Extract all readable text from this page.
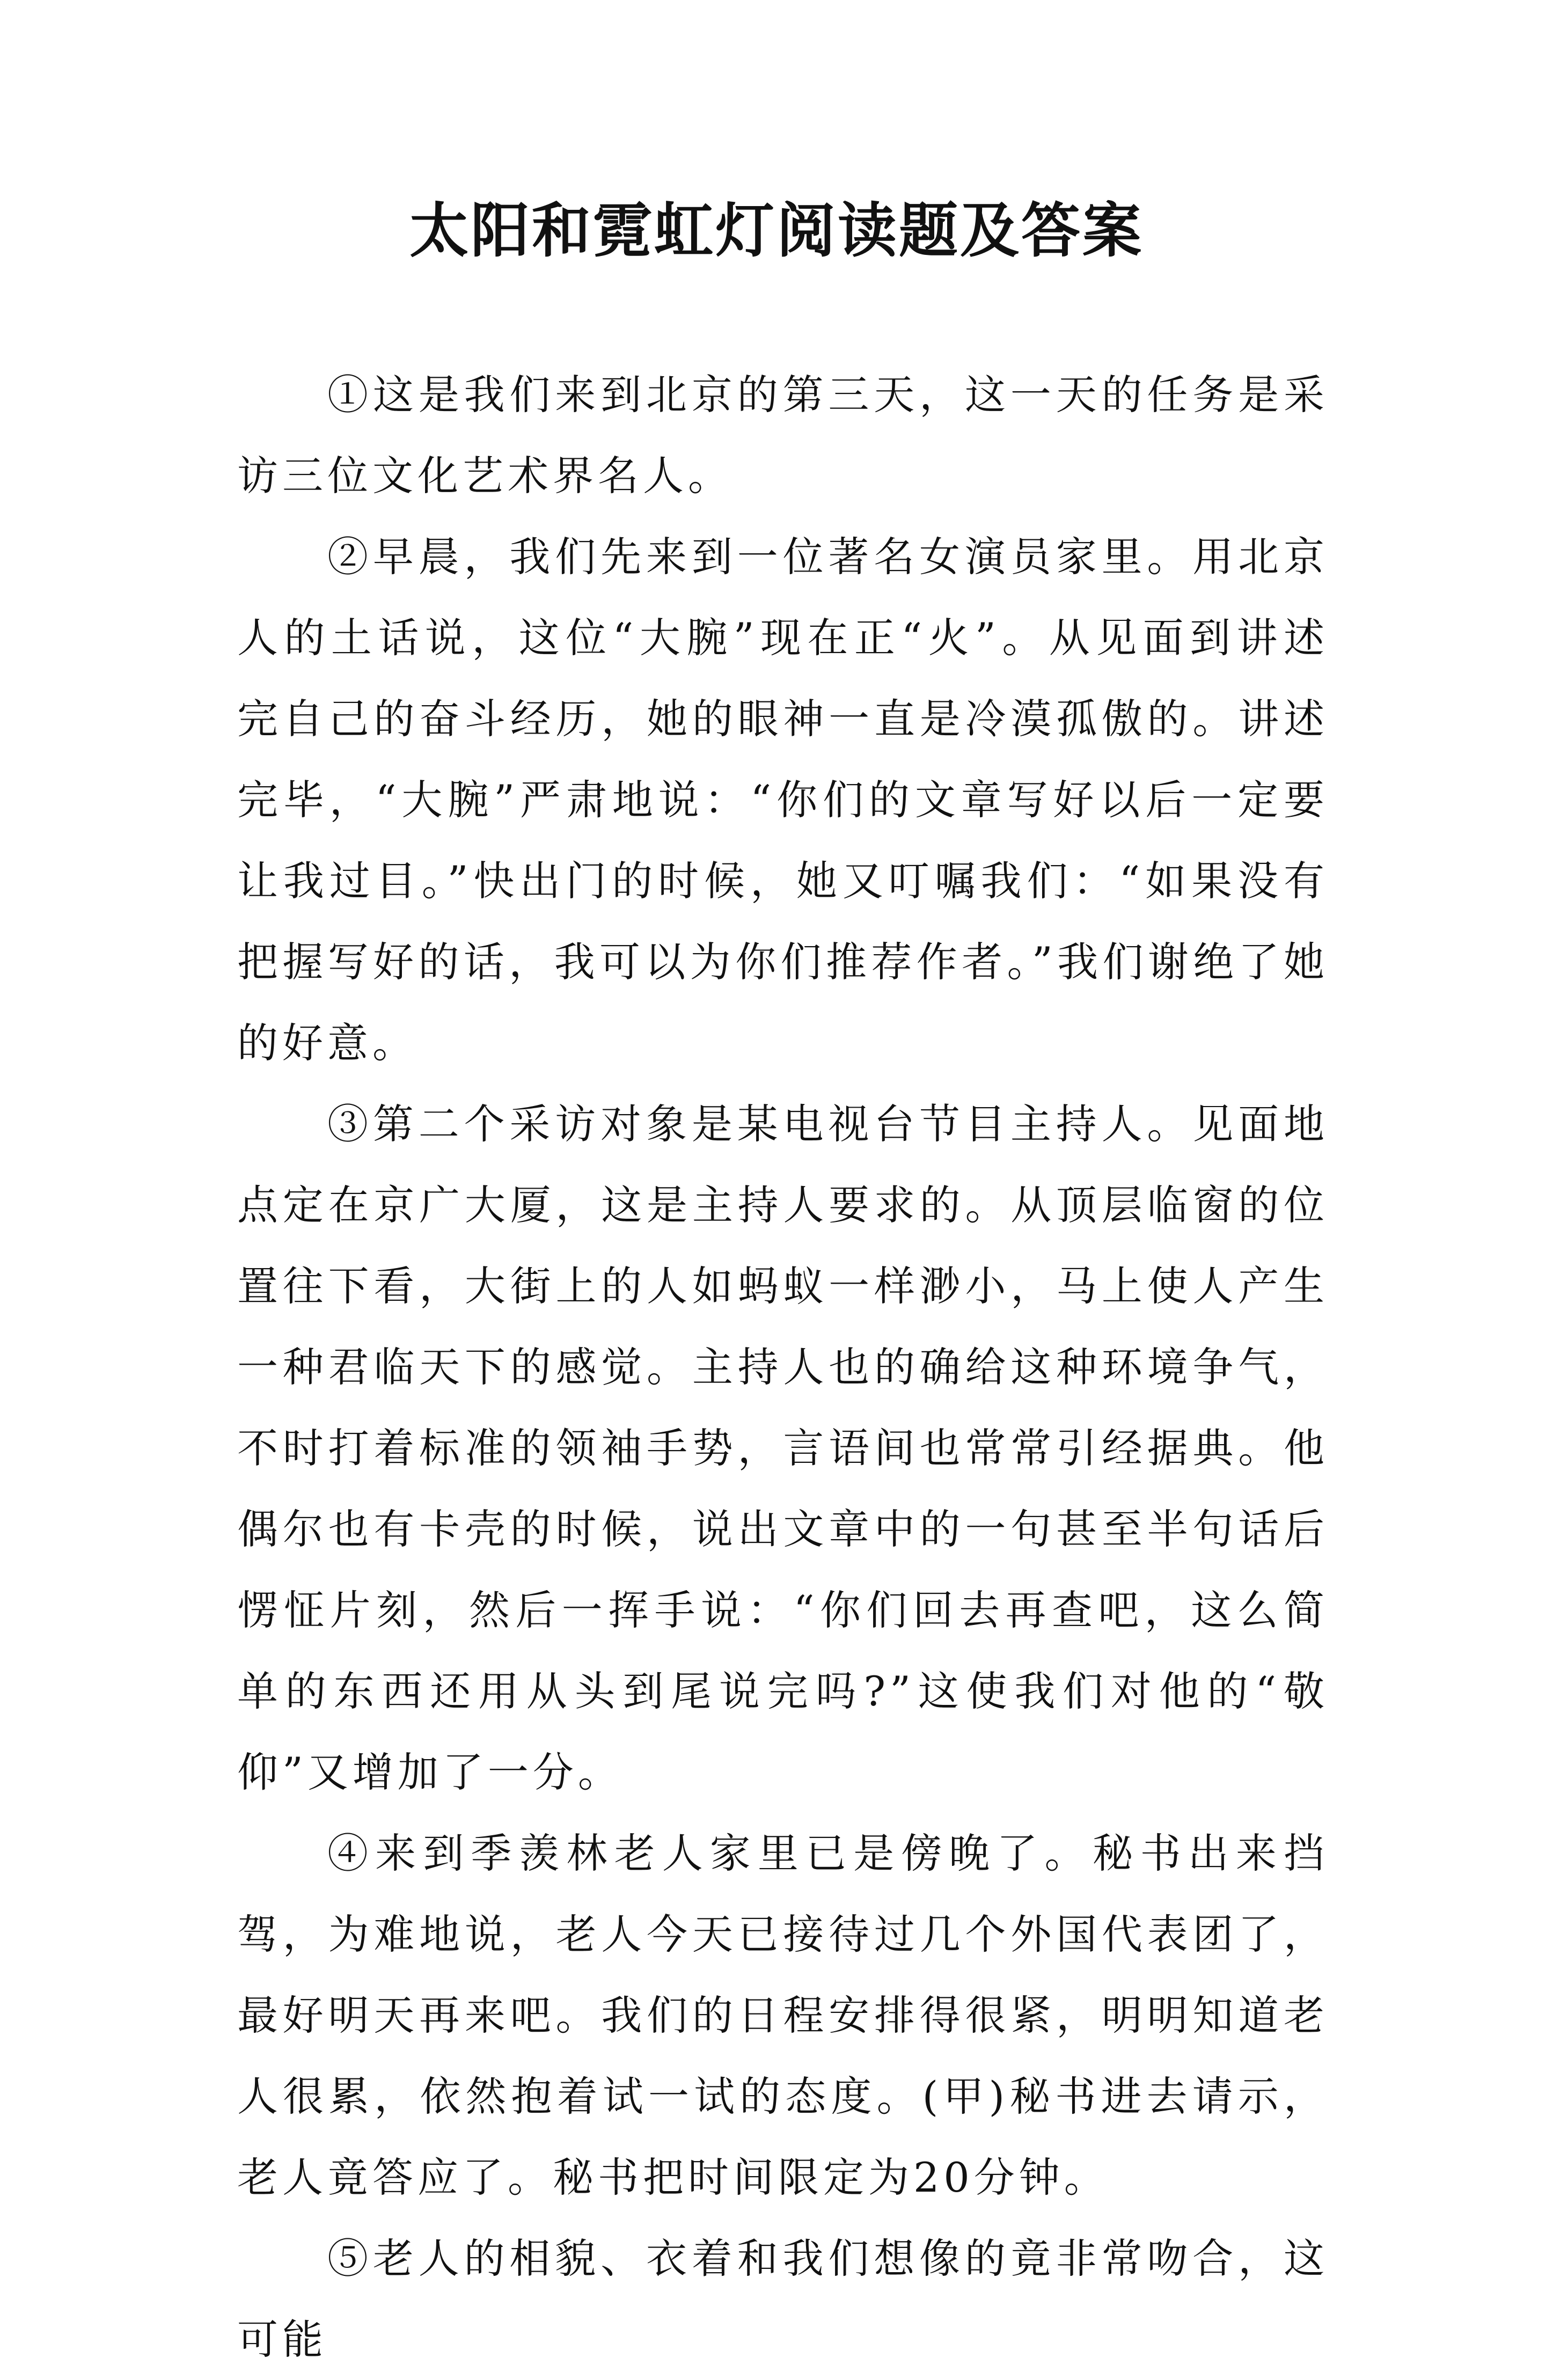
太阳和霓虹灯阅读题及答案

①这是我们来到北京的第三天，这一天的任务是采访三位文化艺术界名人。

②早晨，我们先来到一位著名女演员家里。用北京人的土话说，这位“大腕”现在正“火”。从见面到讲述完自己的奋斗经历，她的眼神一直是冷漠孤傲的。讲述完毕，“大腕”严肃地说：“你们的文章写好以后一定要让我过目。”快出门的时候，她又叮嘱我们：“如果没有把握写好的话，我可以为你们推荐作者。”我们谢绝了她的好意。

③第二个采访对象是某电视台节目主持人。见面地点定在京广大厦，这是主持人要求的。从顶层临窗的位置往下看，大街上的人如蚂蚁一样渺小，马上使人产生一种君临天下的感觉。主持人也的确给这种环境争气，不时打着标准的领袖手势，言语间也常常引经据典。他偶尔也有卡壳的时候，说出文章中的一句甚至半句话后愣怔片刻，然后一挥手说：“你们回去再查吧，这么简单的东西还用从头到尾说完吗?”这使我们对他的“敬仰”又增加了一分。

④来到季羡林老人家里已是傍晚了。秘书出来挡驾，为难地说，老人今天已接待过几个外国代表团了，最好明天再来吧。我们的日程安排得很紧，明明知道老人很累，依然抱着试一试的态度。(甲)秘书进去请示，老人竟答应了。秘书把时间限定为20分钟。

⑤老人的相貌、衣着和我们想像的竟非常吻合，这可能
